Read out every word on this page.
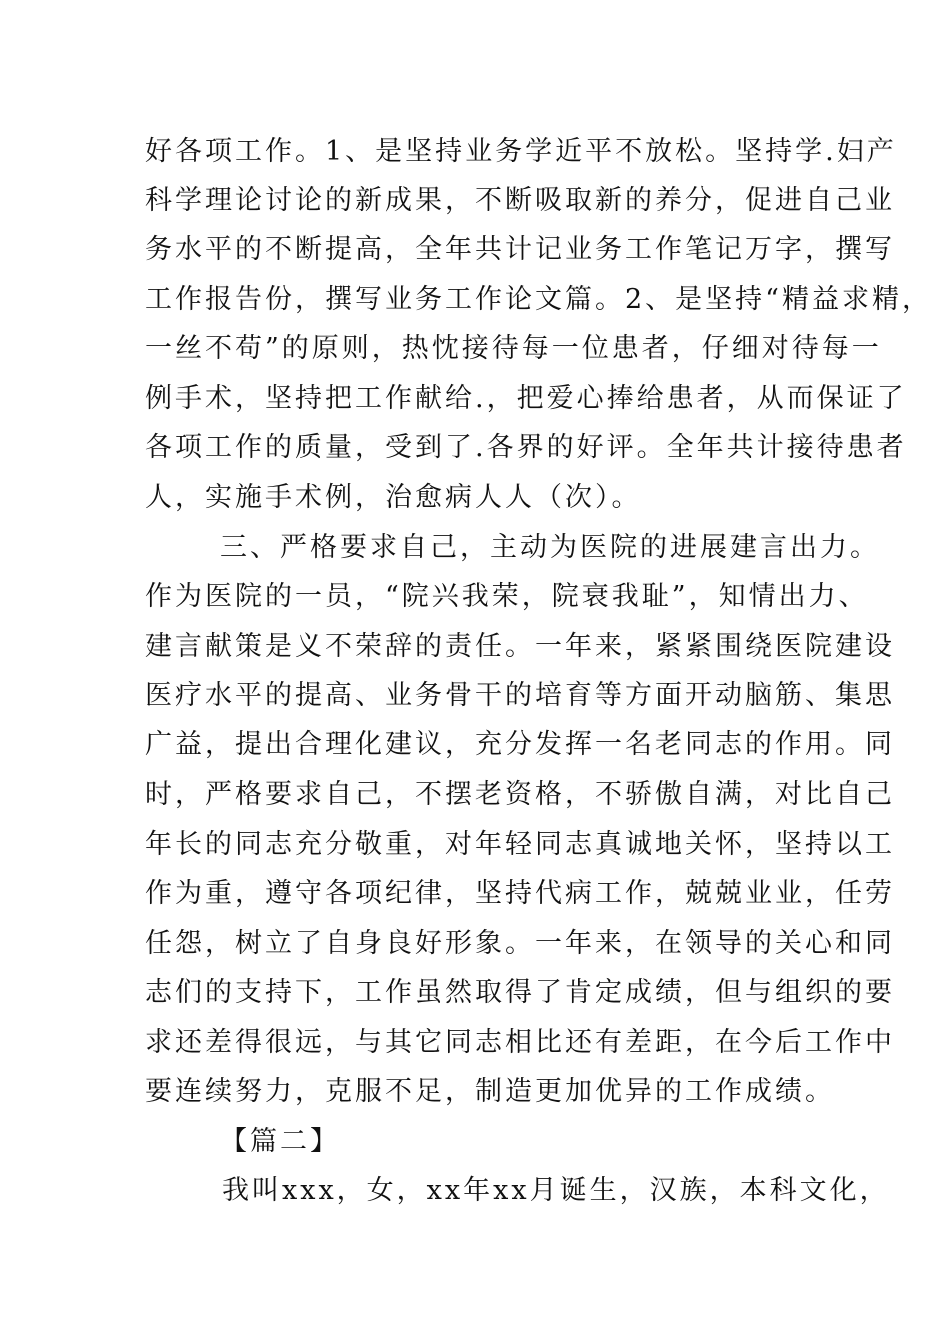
好各项工作。1、是坚持业务学近平不放松。坚持学.妇产
科学理论讨论的新成果，不断吸取新的养分，促进自己业
务水平的不断提高，全年共计记业务工作笔记万字，撰写
工作报告份，撰写业务工作论文篇。2、是坚持“精益求精，
一丝不苟”的原则，热忱接待每一位患者，仔细对待每一
例手术，坚持把工作献给.，把爱心捧给患者，从而保证了
各项工作的质量，受到了.各界的好评。全年共计接待患者
人，实施手术例，治愈病人人（次）。
三、严格要求自己，主动为医院的进展建言出力。
作为医院的一员，“院兴我荣，院衰我耻”，知情出力、
建言献策是义不荣辞的责任。一年来，紧紧围绕医院建设
医疗水平的提高、业务骨干的培育等方面开动脑筋、集思
广益，提出合理化建议，充分发挥一名老同志的作用。同
时，严格要求自己，不摆老资格，不骄傲自满，对比自己
年长的同志充分敬重，对年轻同志真诚地关怀，坚持以工
作为重，遵守各项纪律，坚持代病工作，兢兢业业，任劳
任怨，树立了自身良好形象。一年来，在领导的关心和同
志们的支持下，工作虽然取得了肯定成绩，但与组织的要
求还差得很远，与其它同志相比还有差距，在今后工作中
要连续努力，克服不足，制造更加优异的工作成绩。
【篇二】
我叫xxx，女，xx年xx月诞生，汉族，本科文化，
